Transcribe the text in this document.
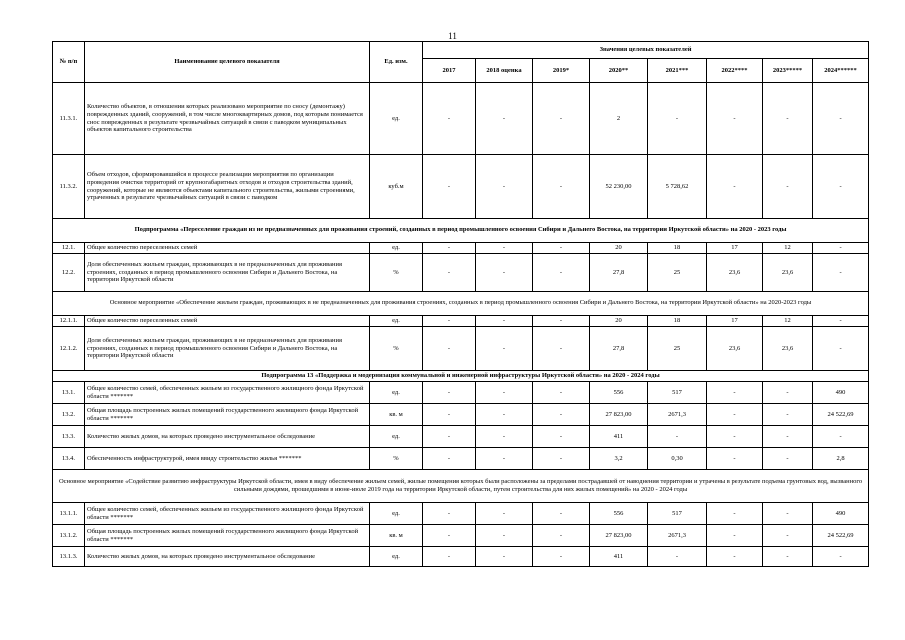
11
№ п/п	Наименование целевого показателя	Ед. изм.	Значения целевых показателей							
			2017	2018 оценка	2019*	2020**	2021***	2022****	2023*****	2024******
11.3.1.	Количество объектов, в отношении которых реализовано мероприятие по сносу (демонтажу) поврежденных зданий, сооружений, в том числе многоквартирных домов, под которым понимается снос поврежденных в результате чрезвычайных ситуаций в связи с паводком муниципальных объектов капитального строительства	ед.	-	-	-	2	-	-	-	-
11.3.2.	Объем отходов, сформировавшийся в процессе реализации мероприятия по организации проведения очистки территорий от крупногабаритных отходов и отходов строительства зданий, сооружений, которые не являются объектами капитального строительства, жилыми строениями, утраченных в результате чрезвычайных ситуаций в связи с паводком	куб.м	-	-	-	52 230,00	5 728,62	-	-	-
Подпрограмма «Переселение граждан из не предназначенных для проживания строений, созданных в период промышленного освоения Сибири и Дальнего Востока, на территории Иркутской области» на 2020 - 2023 годы										
12.1.	Общее количество переселенных семей	ед.	-	-	-	20	18	17	12	-
12.2.	Доля обеспеченных жильем граждан, проживающих в не предназначенных для проживания строениях, созданных в период промышленного освоения Сибири и Дальнего Востока, на территории Иркутской области	%	-	-	-	27,8	25	23,6	23,6	-
Основное мероприятие «Обеспечение жильем граждан, проживающих в не предназначенных для проживания строениях, созданных в период промышленного освоения Сибири и Дальнего Востока, на территории Иркутской области» на 2020-2023 годы										
12.1.1.	Общее количество переселенных семей	ед.	-	-	-	20	18	17	12	-
12.1.2.	Доля обеспеченных жильем граждан, проживающих в не предназначенных для проживания строениях, созданных в период промышленного освоения Сибири и Дальнего Востока, на территории Иркутской области	%	-	-	-	27,8	25	23,6	23,6	-
Подпрограмма 13 «Поддержка и модернизация коммунальной и инженерной инфраструктуры Иркутской области» на 2020 - 2024 годы										
13.1.	Общее количество семей, обеспеченных жильем из государственного жилищного фонда Иркутской области *******	ед.	-	-	-	556	517	-	-	490
13.2.	Общая площадь построенных жилых помещений государственного жилищного фонда Иркутской области *******	кв. м	-	-	-	27 823,00	2671,3	-	-	24 522,69
13.3.	Количество жилых домов, на которых проведено инструментальное обследование	ед.	-	-	-	411	-	-	-	-
13.4.	Обеспеченность инфраструктурой, имея ввиду строительство жилья *******	%	-	-	-	3,2	0,30	-	-	2,8
Основное мероприятие «Содействие развитию инфраструктуры Иркутской области, имея в виду обеспечение жильем семей, жилые помещения которых были расположены за пределами пострадавшей от наводнения территории и утрачены в результате подъема грунтовых вод, вызванного сильными дождями, прошедшими в июне-июле 2019 года на территории Иркутской области, путем строительства для них жилых помещений» на 2020 - 2024 годы										
13.1.1.	Общее количество семей, обеспеченных жильем из государственного жилищного фонда Иркутской области *******	ед.	-	-	-	556	517	-	-	490
13.1.2.	Общая площадь построенных жилых помещений государственного жилищного фонда Иркутской области *******	кв. м	-	-	-	27 823,00	2671,3	-	-	24 522,69
13.1.3.	Количество жилых домов, на которых проведено инструментальное обследование	ед.	-	-	-	411	-	-	-	-
